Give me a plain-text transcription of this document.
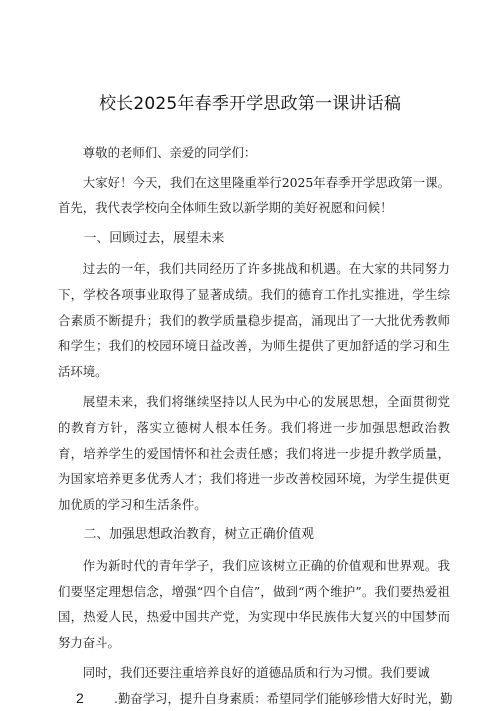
校长2025年春季开学思政第一课讲话稿

尊敬的老师们、亲爱的同学们：

大家好！今天，我们在这里隆重举行2025年春季开学思政第一课。首先，我代表学校向全体师生致以新学期的美好祝愿和问候！

一、回顾过去，展望未来

过去的一年，我们共同经历了许多挑战和机遇。在大家的共同努力下，学校各项事业取得了显著成绩。我们的德育工作扎实推进，学生综合素质不断提升；我们的教学质量稳步提高，涌现出了一大批优秀教师和学生；我们的校园环境日益改善，为师生提供了更加舒适的学习和生活环境。

展望未来，我们将继续坚持以人民为中心的发展思想，全面贯彻党的教育方针，落实立德树人根本任务。我们将进一步加强思想政治教育，培养学生的爱国情怀和社会责任感；我们将进一步提升教学质量，为国家培养更多优秀人才；我们将进一步改善校园环境，为学生提供更加优质的学习和生活条件。

二、加强思想政治教育，树立正确价值观

作为新时代的青年学子，我们应该树立正确的价值观和世界观。我们要坚定理想信念，增强“四个自信”，做到“两个维护”。我们要热爱祖国，热爱人民，热爱中国共产党，为实现中华民族伟大复兴的中国梦而努力奋斗。

同时，我们还要注重培养良好的道德品质和行为习惯。我们要诚

2 .勤奋学习，提升自身素质：希望同学们能够珍惜大好时光，勤
